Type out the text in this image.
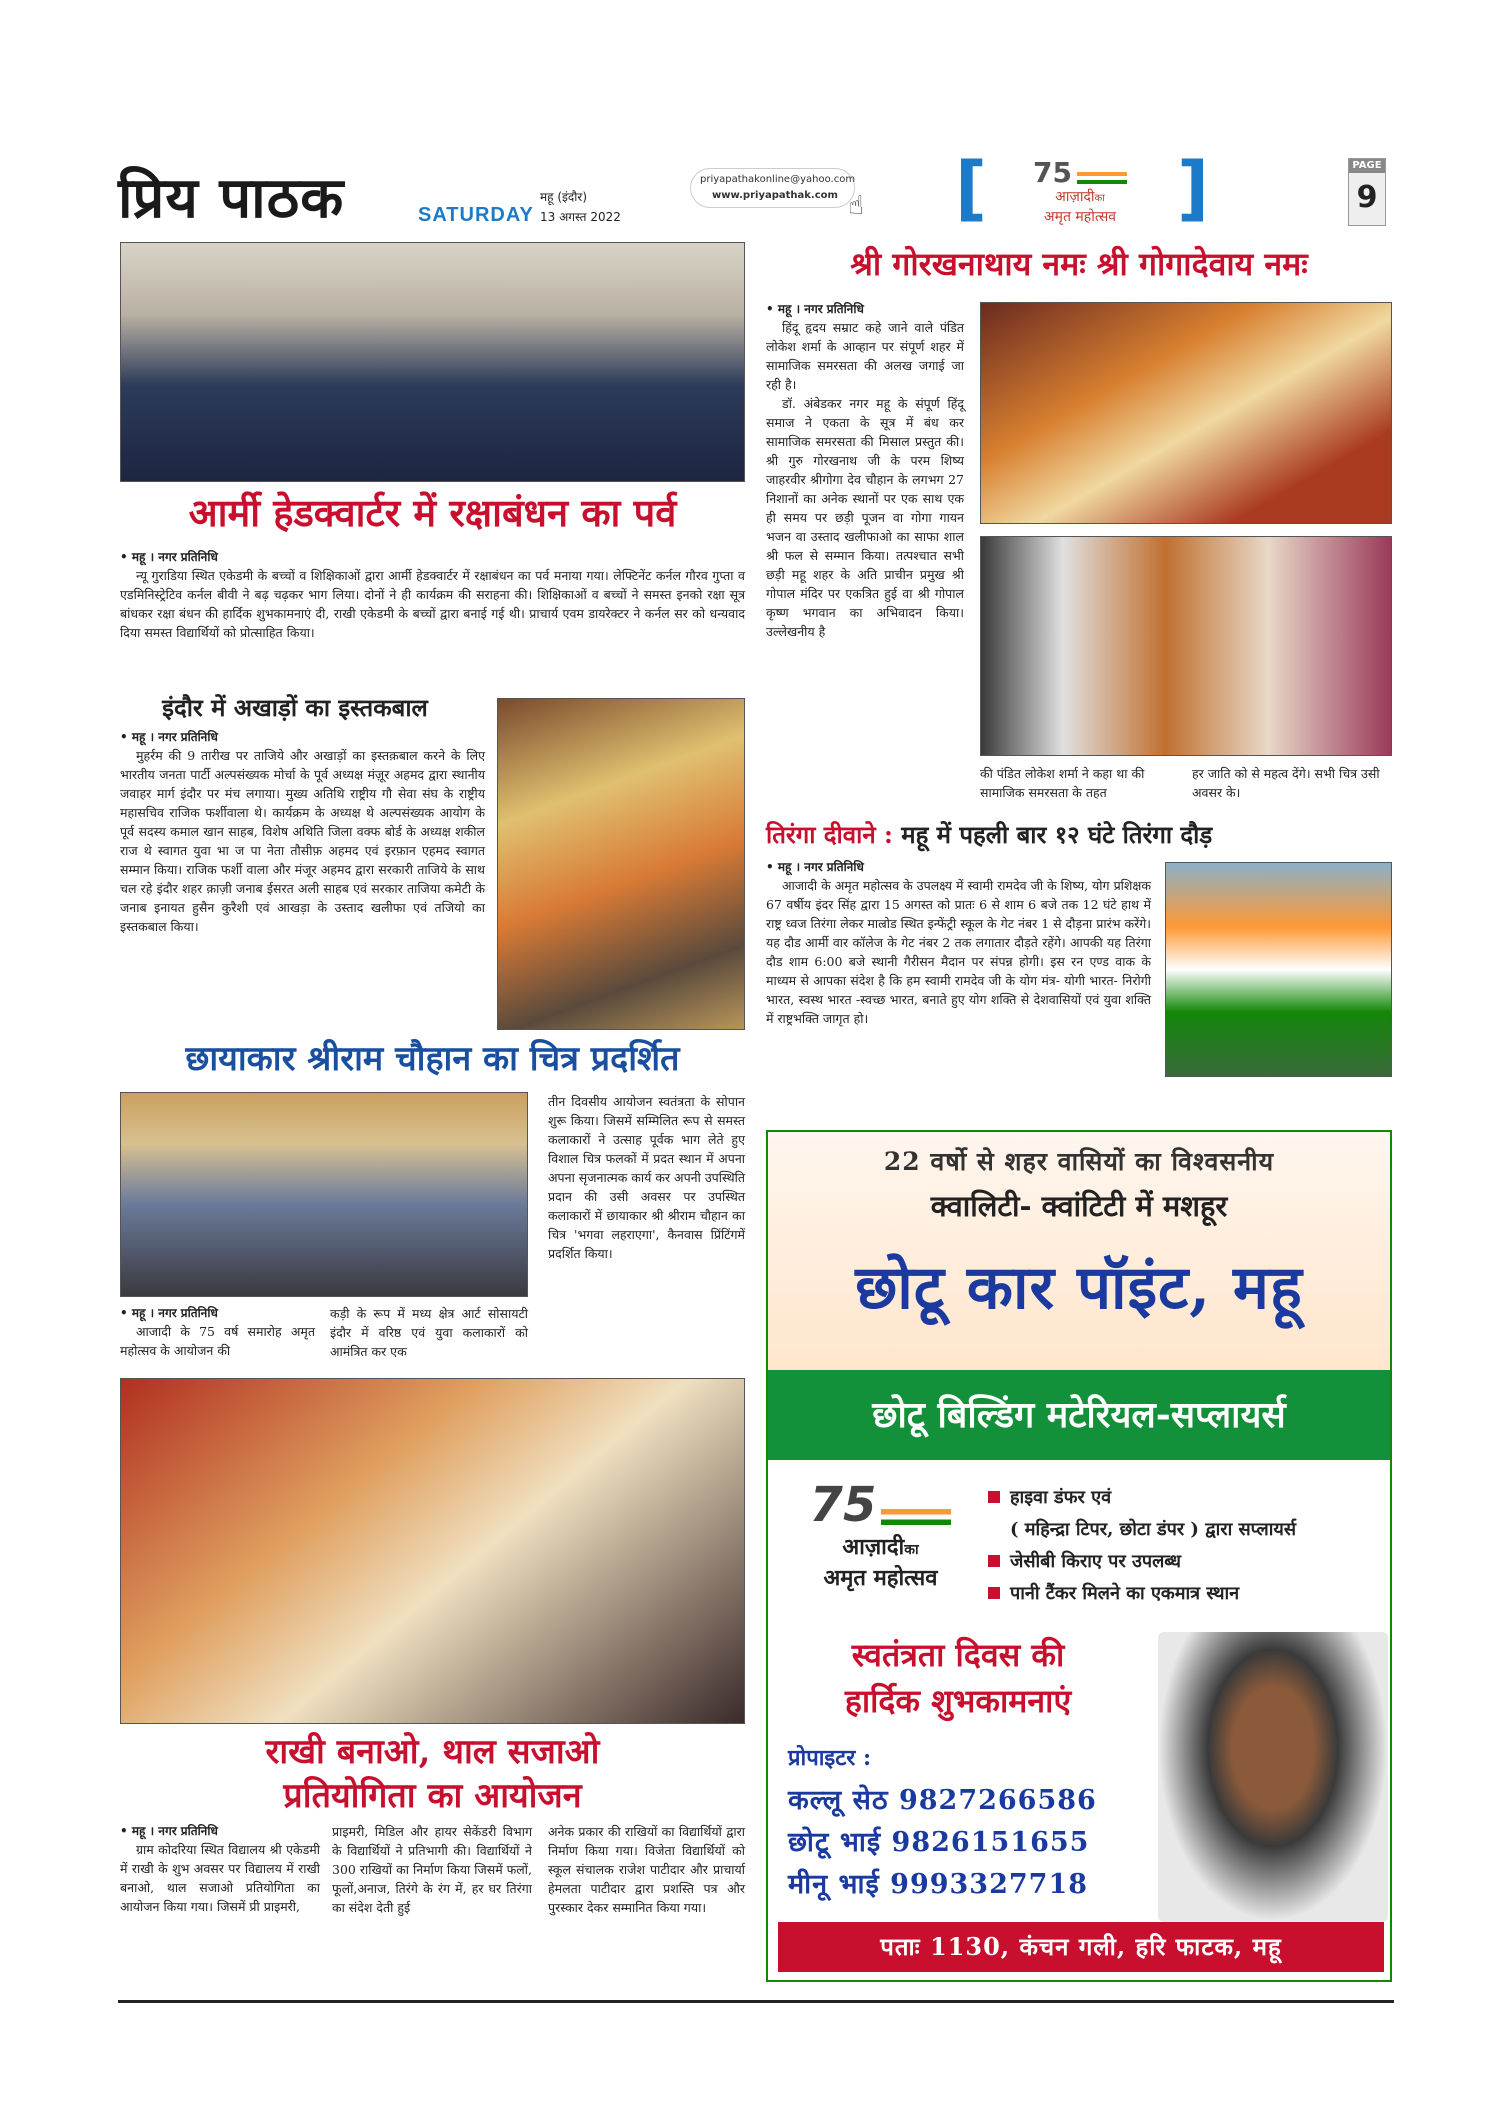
प्रिय पाठक	SATURDAY
महू (इंदौर)
13 अगस्त 2022
priyapathakonline@yahoo.com
www.priyapathak.com ☝ [	75
आज़ादीका
अमृत महोत्सव ]	PAGE
9
आर्मी हेडक्वार्टर में रक्षाबंधन का पर्व
• महू । नगर प्रतिनिधि
न्यू गुराडिया स्थित एकेडमी के बच्चों व शिक्षिकाओं द्वारा आर्मी हेडक्वार्टर में रक्षाबंधन का पर्व मनाया गया। लेफ्टिनेंट कर्नल गौरव गुप्ता व एडमिनिस्ट्रेटिव कर्नल बीवी ने बढ़ चढ़कर भाग लिया। दोनों ने ही कार्यक्रम की सराहना की। शिक्षिकाओं व बच्चों ने समस्त इनको रक्षा सूत्र बांधकर रक्षा बंधन की हार्दिक शुभकामनाएं दी, राखी एकेडमी के बच्चों द्वारा बनाई गई थी। प्राचार्य एवम डायरेक्टर ने कर्नल सर को धन्यवाद दिया समस्त विद्यार्थियों को प्रोत्साहित किया।
इंदौर में अखाड़ों का इस्तकबाल
• महू । नगर प्रतिनिधि
मुहर्रम की 9 तारीख पर ताजिये और अखाड़ों का इस्तक़बाल करने के लिए भारतीय जनता पार्टी अल्पसंख्यक मोर्चा के पूर्व अध्यक्ष मंज़ूर अहमद द्वारा स्थानीय जवाहर मार्ग इंदौर पर मंच लगाया। मुख्य अतिथि राष्ट्रीय गौ सेवा संघ के राष्ट्रीय महासचिव राजिक फर्शीवाला थे। कार्यक्रम के अध्यक्ष थे अल्पसंख्यक आयोग के पूर्व सदस्य कमाल खान साहब, विशेष अथिति जिला वक्फ बोर्ड के अध्यक्ष शकील राज थे स्वागत युवा भा ज पा नेता तौसीफ़ अहमद एवं इरफ़ान एहमद स्वागत सम्मान किया। राजिक फर्शी वाला और मंजूर अहमद द्वारा सरकारी ताजिये के साथ चल रहे इंदौर शहर क़ाज़ी जनाब ईसरत अली साहब एवं सरकार ताजिया कमेटी के जनाब इनायत हुसैन कुरैशी एवं आखड़ा के उस्ताद खलीफा एवं तजियो का इस्तकबाल किया।
छायाकार श्रीराम चौहान का चित्र प्रदर्शित
• महू । नगर प्रतिनिधि
आजादी के 75 वर्ष समारोह अमृत महोत्सव के आयोजन की
कड़ी के रूप में मध्य क्षेत्र आर्ट सोसायटी इंदौर में वरिष्ठ एवं युवा कलाकारों को आमंत्रित कर एक
तीन दिवसीय आयोजन स्वतंत्रता के सोपान शुरू किया। जिसमें सम्मिलित रूप से समस्त कलाकारों ने उत्साह पूर्वक भाग लेते हुए विशाल चित्र फलकों में प्रदत स्थान में अपना अपना सृजनात्मक कार्य कर अपनी उपस्थिति प्रदान की उसी अवसर पर उपस्थित कलाकारों में छायाकार श्री श्रीराम चौहान का चित्र 'भगवा लहराएगा', कैनवास प्रिंटिंगमें प्रदर्शित किया।
राखी बनाओ, थाल सजाओ
प्रतियोगिता का आयोजन
• महू । नगर प्रतिनिधि
ग्राम कोदरिया स्थित विद्यालय श्री एकेडमी में राखी के शुभ अवसर पर विद्यालय में राखी बनाओ, थाल सजाओ प्रतियोगिता का आयोजन किया गया। जिसमें प्री प्राइमरी,
प्राइमरी, मिडिल और हायर सेकेंडरी विभाग के विद्यार्थियों ने प्रतिभागी की। विद्यार्थियों ने 300 राखियों का निर्माण किया जिसमें फलों, फूलों,अनाज, तिरंगे के रंग में, हर घर तिरंगा का संदेश देती हुई
अनेक प्रकार की राखियों का विद्यार्थियों द्वारा निर्माण किया गया। विजेता विद्यार्थियों को स्कूल संचालक राजेश पाटीदार और प्राचार्या हेमलता पाटीदार द्वारा प्रशस्ति पत्र और पुरस्कार देकर सम्मानित किया गया।
श्री गोरखनाथाय नमः श्री गोगादेवाय नमः
• महू । नगर प्रतिनिधि
हिंदू हृदय सम्राट कहे जाने वाले पंडित लोकेश शर्मा के आव्हान पर संपूर्ण शहर में सामाजिक समरसता की अलख जगाई जा रही है।
डॉ. अंबेडकर नगर महू के संपूर्ण हिंदू समाज ने एकता के सूत्र में बंध कर सामाजिक समरसता की मिसाल प्रस्तुत की। श्री गुरु गोरखनाथ जी के परम शिष्य जाहरवीर श्रीगोगा देव चौहान के लगभग 27 निशानों का अनेक स्थानों पर एक साथ एक ही समय पर छड़ी पूजन वा गोगा गायन भजन वा उस्ताद खलीफाओ का साफा शाल श्री फल से सम्मान किया। तत्पश्चात सभी छड़ी महू शहर के अति प्राचीन प्रमुख श्री गोपाल मंदिर पर एकत्रित हुई वा श्री गोपाल कृष्ण भगवान का अभिवादन किया। उल्लेखनीय है
की पंडित लोकेश शर्मा ने कहा था की सामाजिक समरसता के तहत
हर जाति को से महत्व देंगे। सभी चित्र उसी अवसर के।
तिरंगा दीवाने : महू में पहली बार १२ घंटे तिरंगा दौड़
• महू । नगर प्रतिनिधि
आजादी के अमृत महोत्सव के उपलक्ष्य में स्वामी रामदेव जी के शिष्य, योग प्रशिक्षक 67 वर्षीय इंदर सिंह द्वारा 15 अगस्त को प्रातः 6 से शाम 6 बजे तक 12 घंटे हाथ में राष्ट्र ध्वज तिरंगा लेकर माल्रोड स्थित इन्फेंट्री स्कूल के गेट नंबर 1 से दौड़ना प्रारंभ करेंगे। यह दौड आर्मी वार कॉलेज के गेट नंबर 2 तक लगातार दौड़ते रहेंगे। आपकी यह तिरंगा दौड शाम 6:00 बजे स्थानी गैरीसन मैदान पर संपन्न होगी। इस रन एण्ड वाक के माध्यम से आपका संदेश है कि हम स्वामी रामदेव जी के योग मंत्र- योगी भारत- निरोगी भारत, स्वस्थ भारत -स्वच्छ भारत, बनाते हुए योग शक्ति से देशवासियों एवं युवा शक्ति में राष्ट्रभक्ति जागृत हो।
22 वर्षो से शहर वासियों का विश्वसनीय
क्वालिटी- क्वांटिटी में मशहूर
छोटू कार पॉइंट, महू
छोटू बिल्डिंग मटेरियल-सप्लायर्स
75
आज़ादीका
अमृत महोत्सव
हाइवा डंफर एवं
( महिन्द्रा टिपर, छोटा डंपर ) द्वारा सप्लायर्स
जेसीबी किराए पर उपलब्ध
पानी टैंकर मिलने का एकमात्र स्थान
स्वतंत्रता दिवस की
हार्दिक शुभकामनाएं
प्रोपाइटर :
कल्लू सेठ 9827266586
छोटू भाई 9826151655
मीनू भाई 9993327718
पताः 1130, कंचन गली, हरि फाटक, महू
